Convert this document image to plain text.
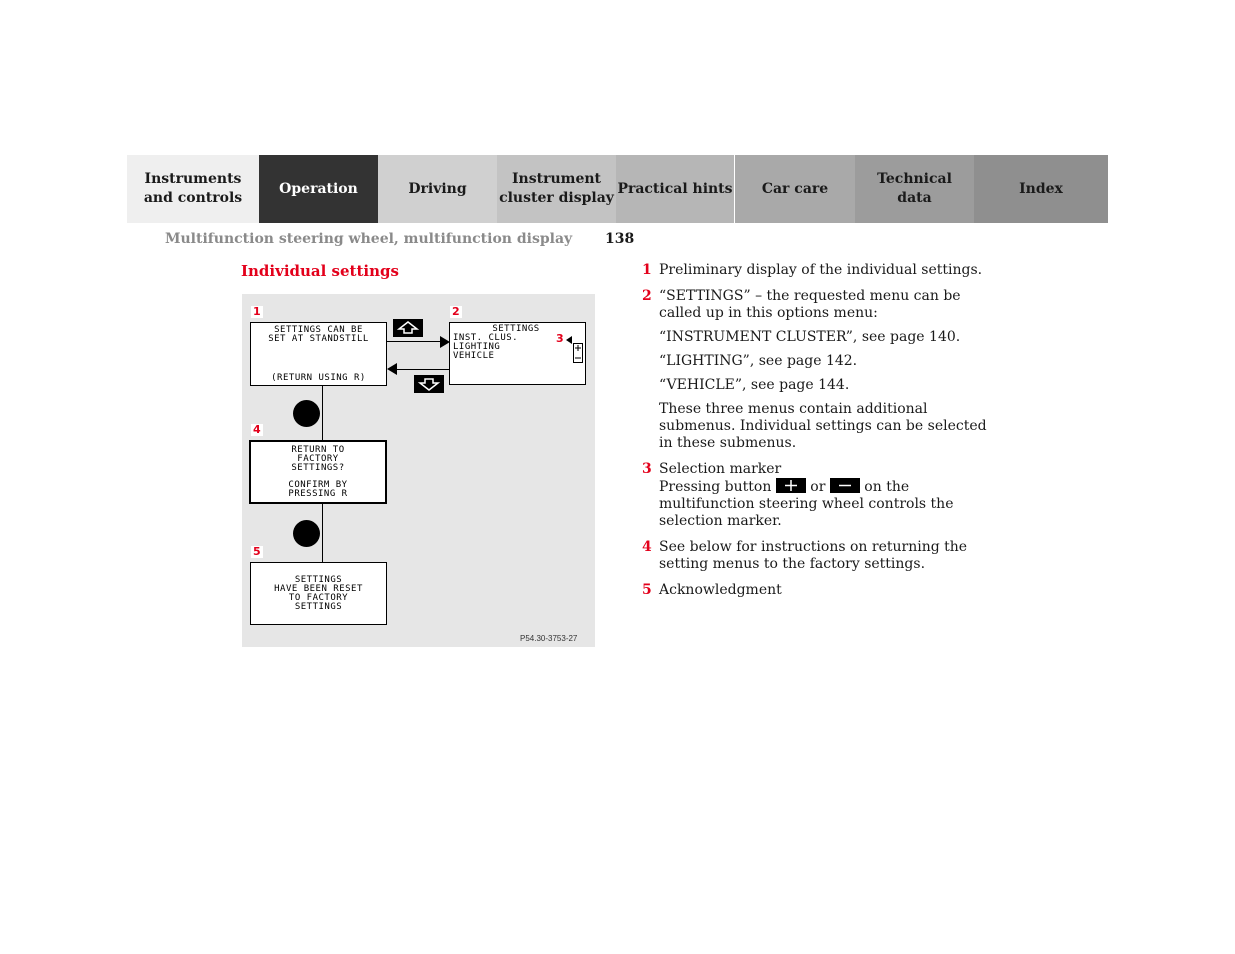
Instruments
and controls
Operation	Driving
Instrument
cluster display
Practical hints Car care
Technical
data
Index
Multifunction steering wheel, multifunction display 138
Individual settings
1	2
4
5
SETTINGS CAN BE
SET AT STANDSTILL
(RETURN USING R)
SETTINGS
INST. CLUS.
LIGHTING
VEHICLE
3
RETURN TO
FACTORY
SETTINGS?
CONFIRM BY
PRESSING R
SETTINGS
HAVE BEEN RESET
TO FACTORY
SETTINGS
P54.30-3753-27
1 Preliminary display of the individual settings.

2 “SETTINGS” – the requested menu can be called up in this options menu:

“INSTRUMENT CLUSTER”, see page 140.

“LIGHTING”, see page 142.

“VEHICLE”, see page 144.

These three menus contain additional submenus. Individual settings can be selected in these submenus.

3 Selection marker

Pressing button	or	on the multifunction steering wheel controls the selection marker.

4 See below for instructions on returning the setting menus to the factory settings.

5 Acknowledgment
